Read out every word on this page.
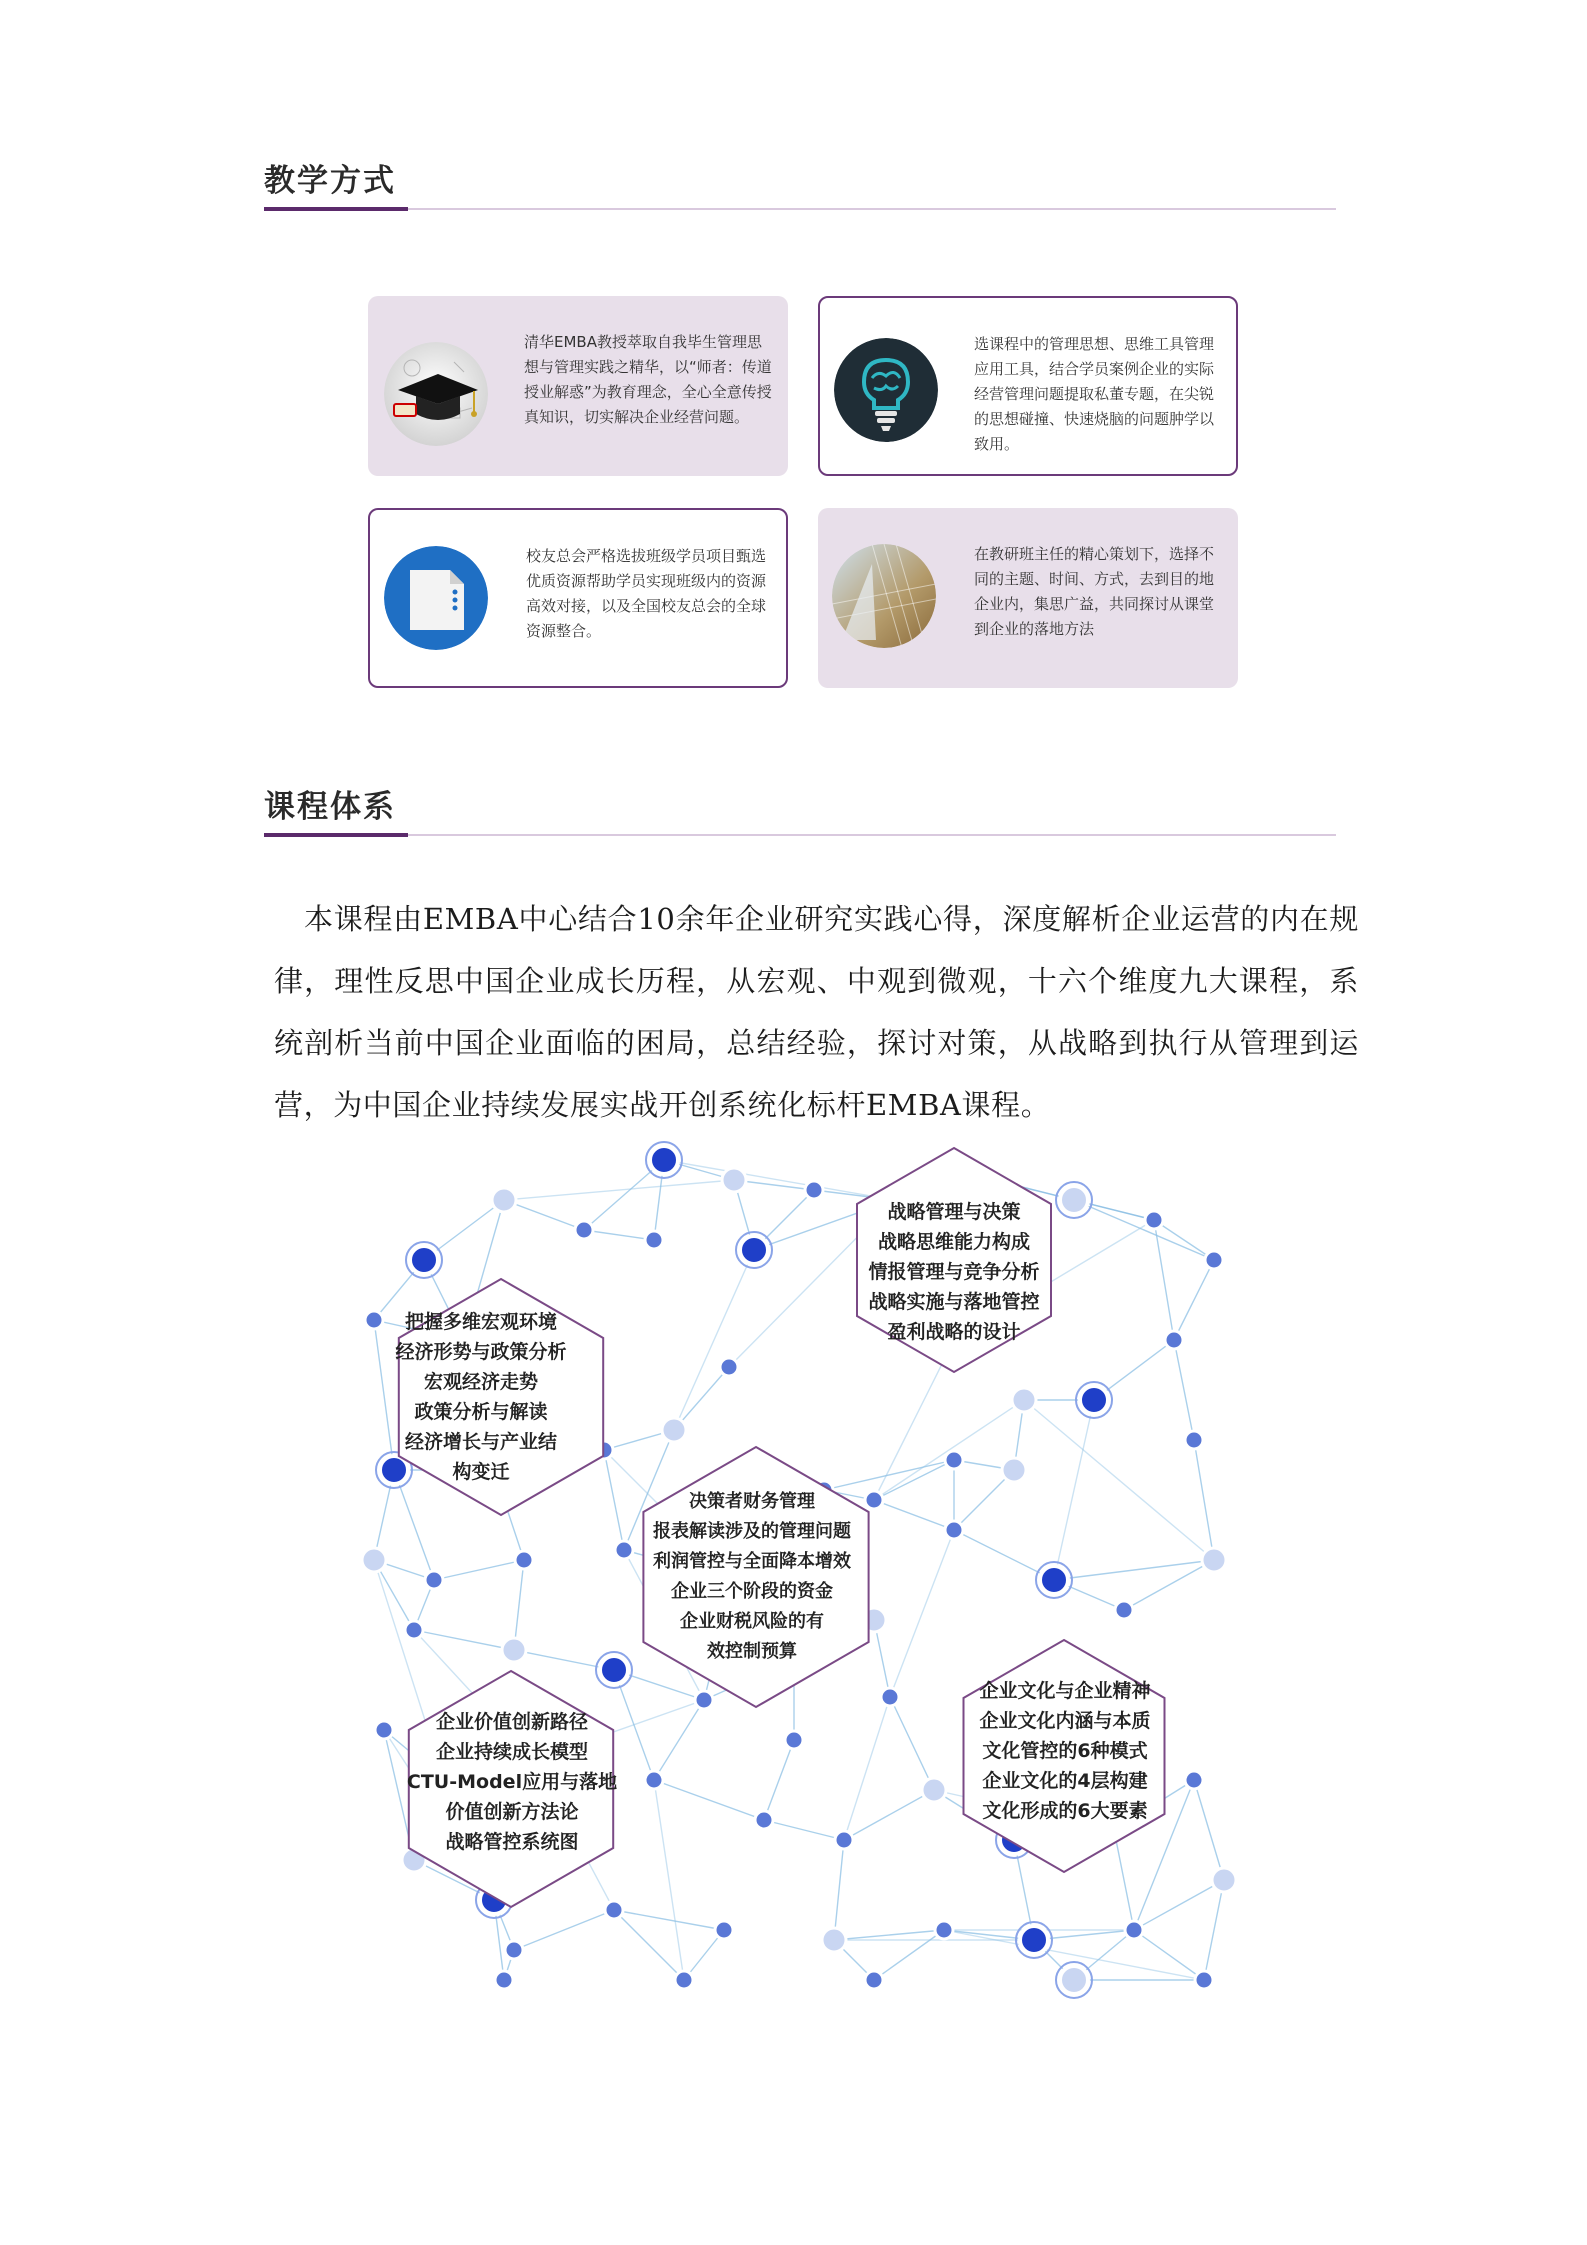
教学方式
清华EMBA教授萃取自我毕生管理思想与管理实践之精华，以“师者：传道授业解惑”为教育理念，全心全意传授真知识，切实解决企业经营问题。
选课程中的管理思想、思维工具管理应用工具，结合学员案例企业的实际经营管理问题提取私董专题，在尖锐的思想碰撞、快速烧脑的问题肿学以致用。
校友总会严格选拔班级学员项目甄选优质资源帮助学员实现班级内的资源高效对接，以及全国校友总会的全球资源整合。
在教研班主任的精心策划下，选择不同的主题、时间、方式，去到目的地企业内，集思广益，共同探讨从课堂到企业的落地方法
课程体系
本课程由EMBA中心结合10余年企业研究实践心得，深度解析企业运营的内在规律，理性反思中国企业成长历程，从宏观、中观到微观，十六个维度九大课程，系统剖析当前中国企业面临的困局，总结经验，探讨对策，从战略到执行从管理到运营，为中国企业持续发展实战开创系统化标杆EMBA课程。
战略管理与决策
战略思维能力构成
情报管理与竞争分析
战略实施与落地管控
盈利战略的设计
把握多维宏观环境
经济形势与政策分析
宏观经济走势
政策分析与解读
经济增长与产业结
构变迁
决策者财务管理
报表解读涉及的管理问题
利润管控与全面降本增效
企业三个阶段的资金
企业财税风险的有
效控制预算
企业价值创新路径
企业持续成长模型
CTU-Model应用与落地
价值创新方法论
战略管控系统图
企业文化与企业精神
企业文化内涵与本质
文化管控的6种模式
企业文化的4层构建
文化形成的6大要素
